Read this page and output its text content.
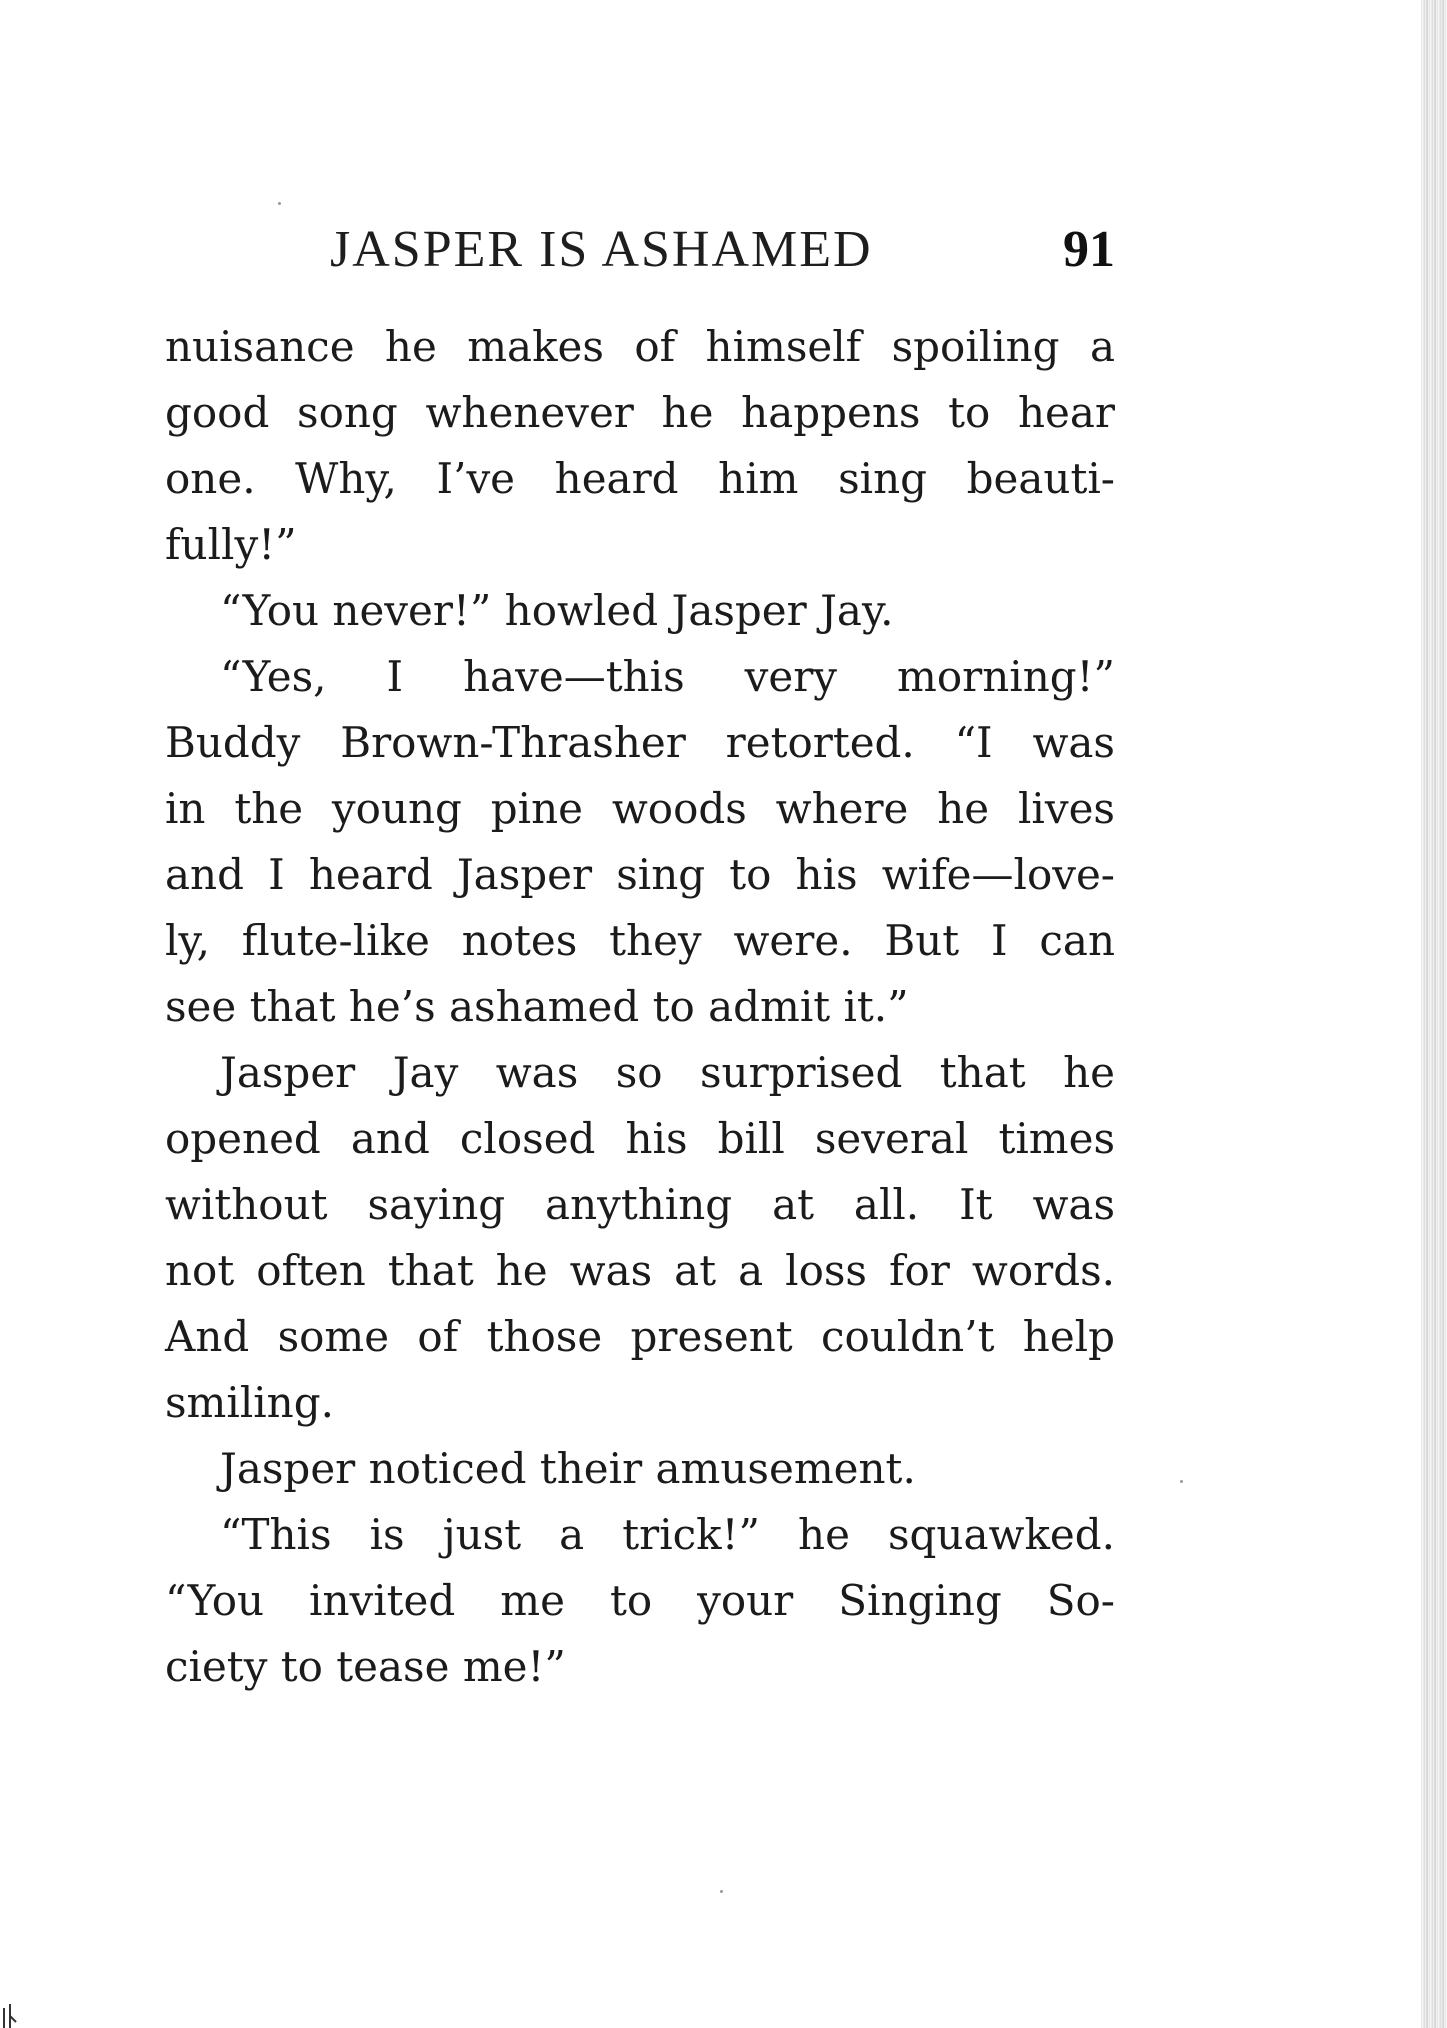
JASPER IS ASHAMED	91
nuisance he makes of himself spoiling a
good song whenever he happens to hear
one. Why, I’ve heard him sing beauti-
fully!”
“You never!” howled Jasper Jay.
“Yes, I have—this very morning!”
Buddy Brown-Thrasher retorted. “I was
in the young pine woods where he lives
and I heard Jasper sing to his wife—love-
ly, flute-like notes they were. But I can
see that he’s ashamed to admit it.”
Jasper Jay was so surprised that he
opened and closed his bill several times
without saying anything at all. It was
not often that he was at a loss for words.
And some of those present couldn’t help
smiling.
Jasper noticed their amusement.
“This is just a trick!” he squawked.
“You invited me to your Singing So-
ciety to tease me!”
